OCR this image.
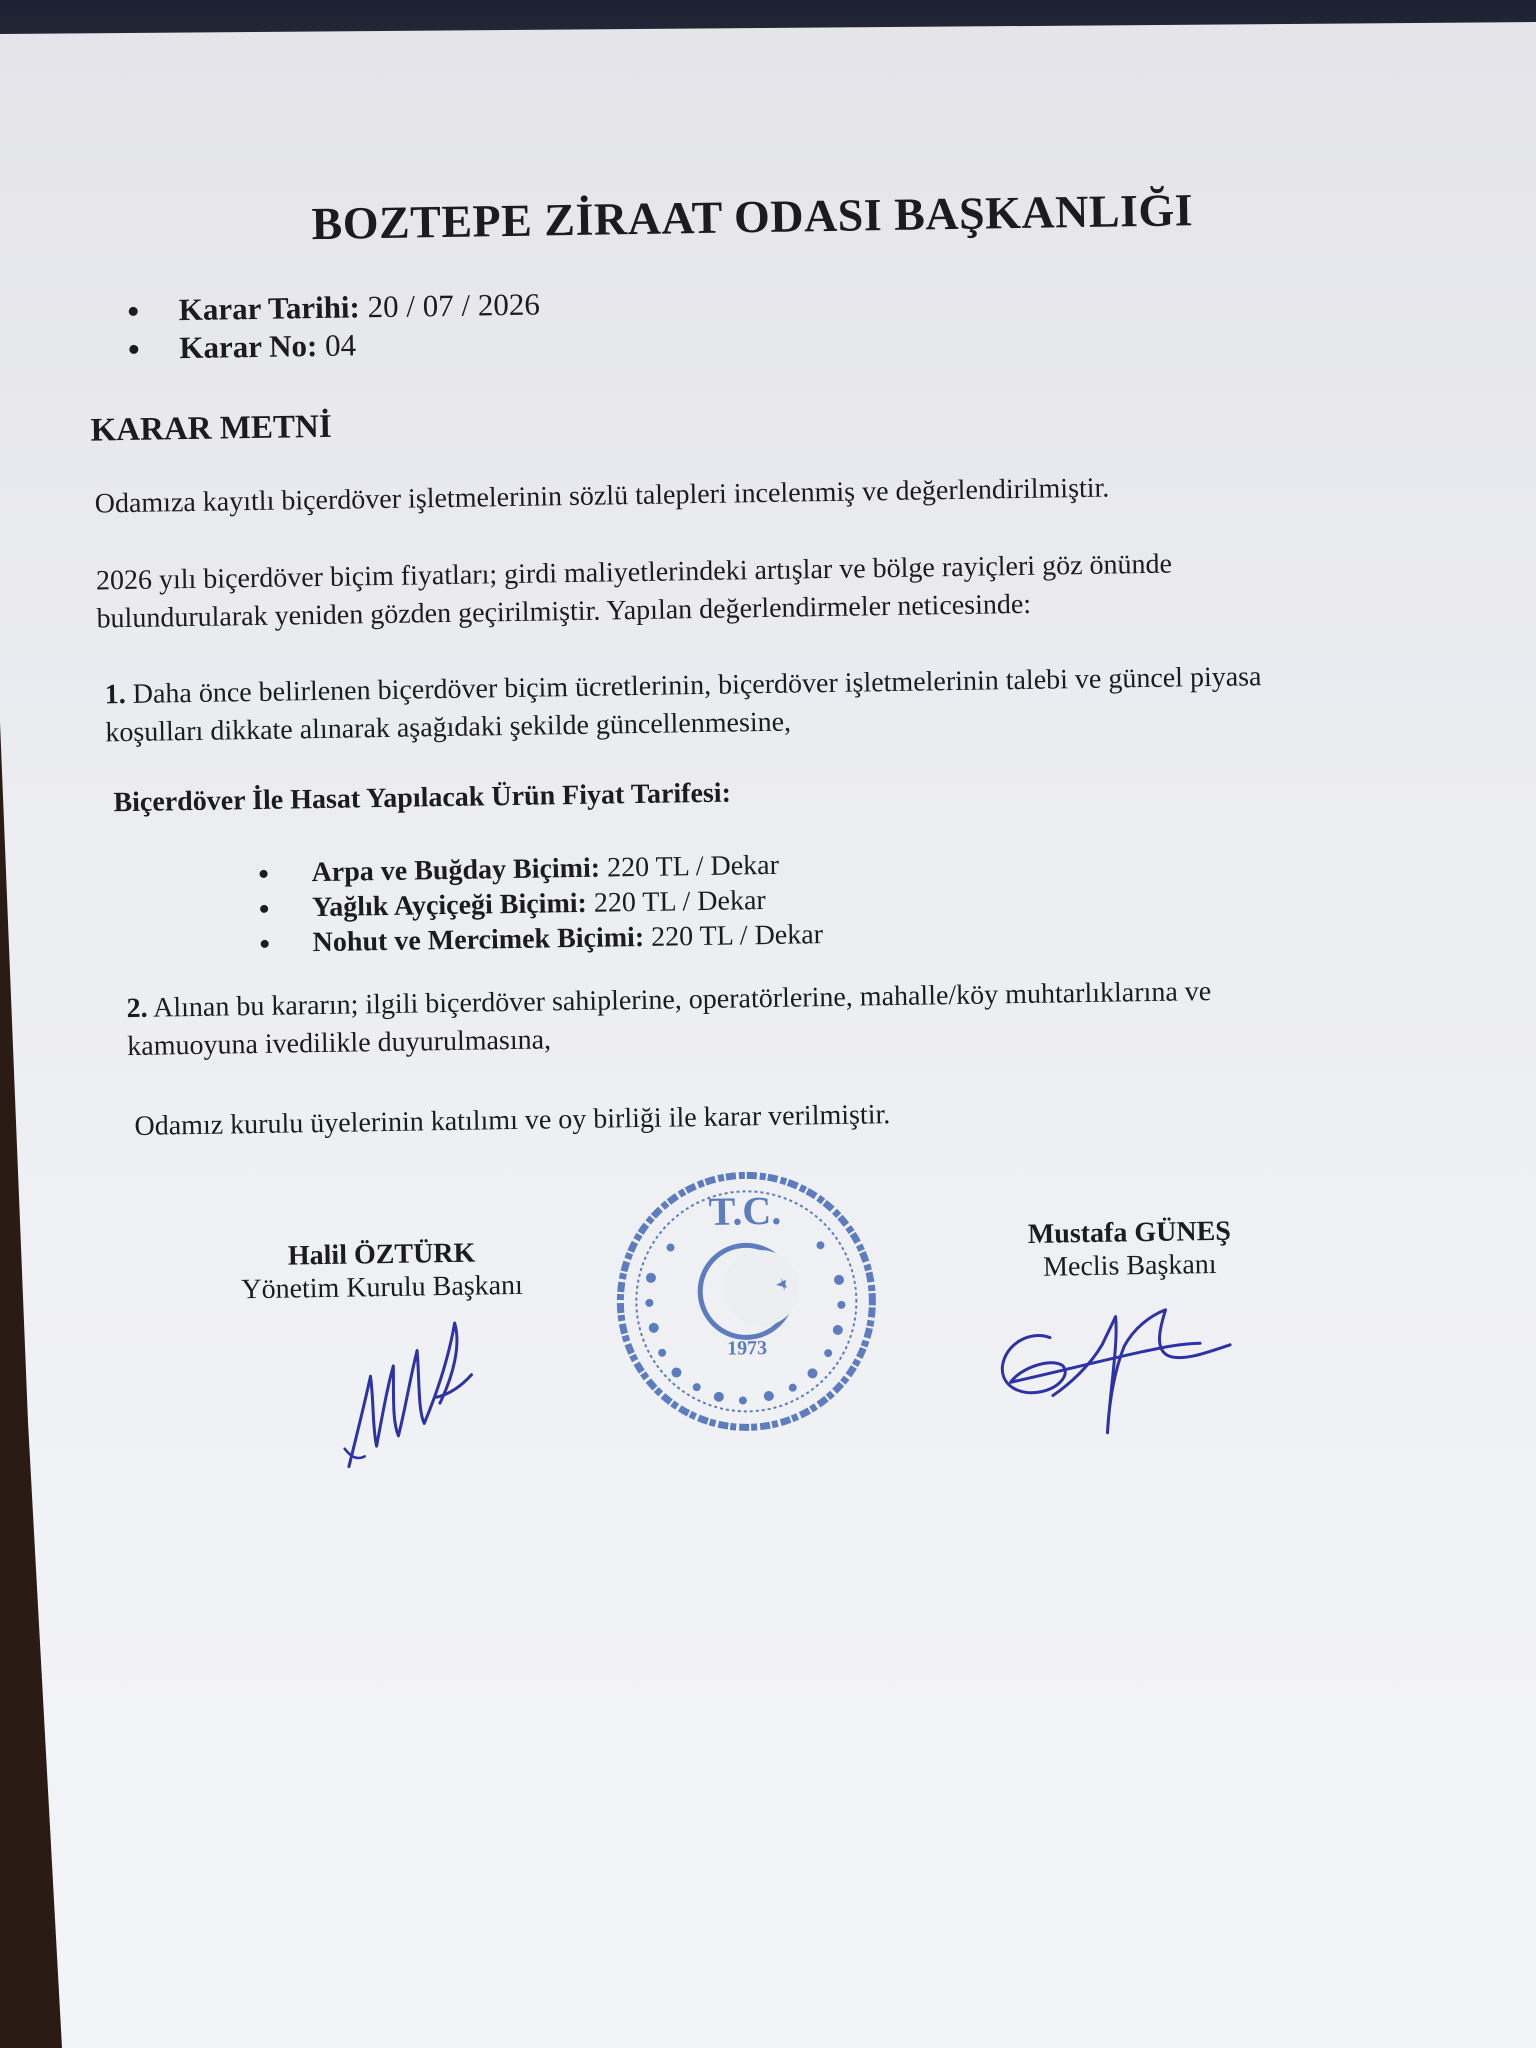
BOZTEPE ZİRAAT ODASI BAŞKANLIĞI
Karar Tarihi: 20 / 07 / 2026
Karar No: 04
KARAR METNİ
Odamıza kayıtlı biçerdöver işletmelerinin sözlü talepleri incelenmiş ve değerlendirilmiştir.
2026 yılı biçerdöver biçim fiyatları; girdi maliyetlerindeki artışlar ve bölge rayiçleri göz önünde
bulundurularak yeniden gözden geçirilmiştir. Yapılan değerlendirmeler neticesinde:
1. Daha önce belirlenen biçerdöver biçim ücretlerinin, biçerdöver işletmelerinin talebi ve güncel piyasa
koşulları dikkate alınarak aşağıdaki şekilde güncellenmesine,
Biçerdöver İle Hasat Yapılacak Ürün Fiyat Tarifesi:
Arpa ve Buğday Biçimi: 220 TL / Dekar
Yağlık Ayçiçeği Biçimi: 220 TL / Dekar
Nohut ve Mercimek Biçimi: 220 TL / Dekar
2. Alınan bu kararın; ilgili biçerdöver sahiplerine, operatörlerine, mahalle/köy muhtarlıklarına ve
kamuoyuna ivedilikle duyurulmasına,
Odamız kurulu üyelerinin katılımı ve oy birliği ile karar verilmiştir.
Halil ÖZTÜRK
Yönetim Kurulu Başkanı
Mustafa GÜNEŞ
Meclis Başkanı
T.C.
1973
